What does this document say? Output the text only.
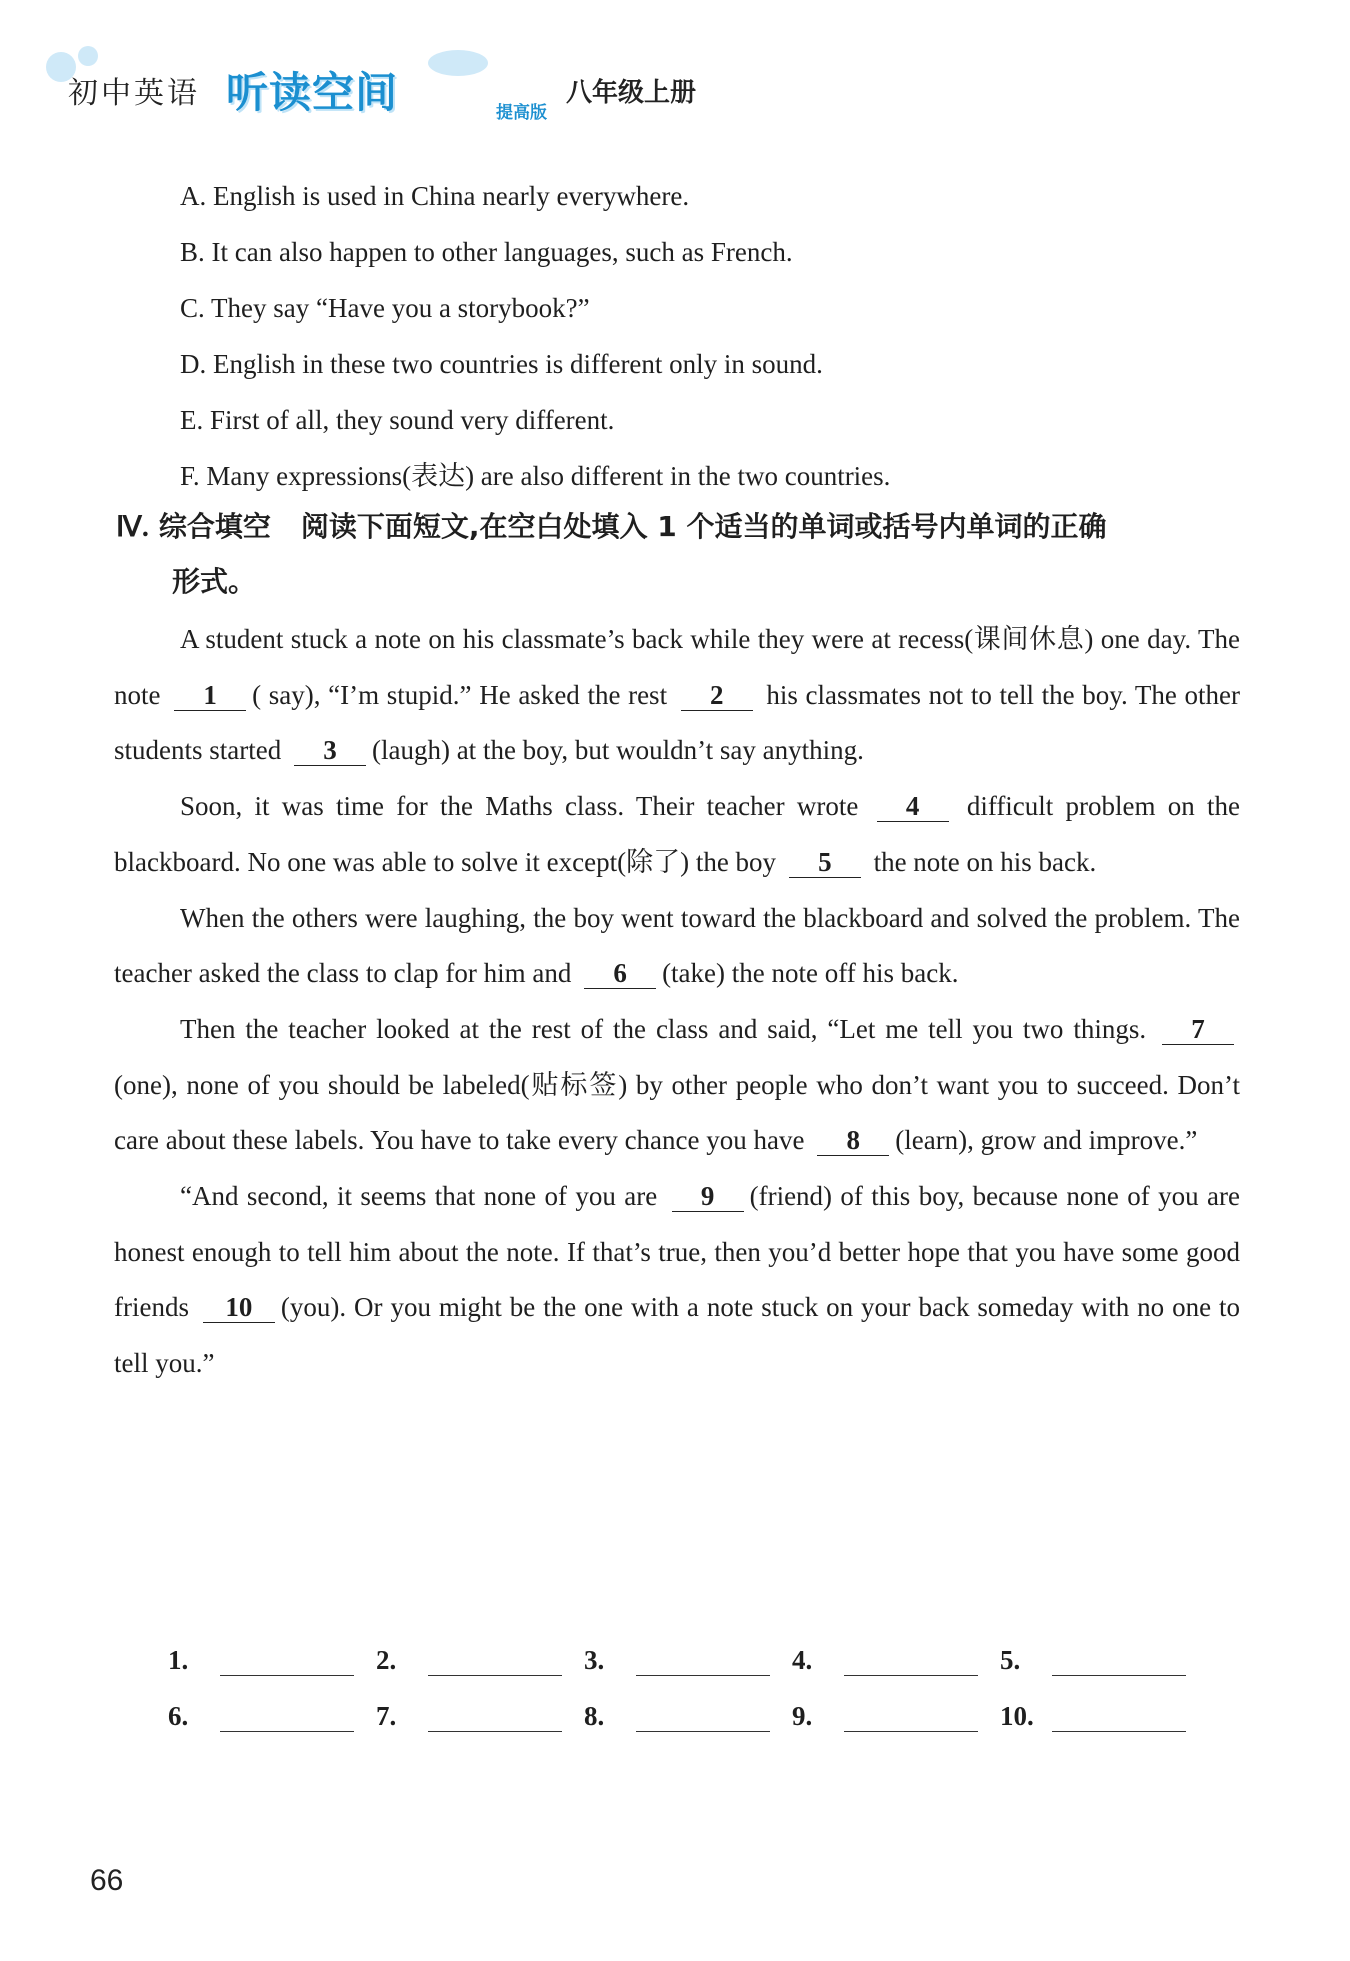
初中英语 听读空间	提高版
八年级上册
A. English is used in China nearly everywhere.
B. It can also happen to other languages, such as French.
C. They say “Have you a storybook?”
D. English in these two countries is different only in sound.
E. First of all, they sound very different.
F. Many expressions(表达) are also different in the two countries.
Ⅳ. 综合填空 阅读下面短文,在空白处填入 1 个适当的单词或括号内单词的正确
形式。

A student stuck a note on his classmate’s back while they were at recess(课间休息) one day. The note 1 ( say), “I’m stupid.” He asked the rest 2 his classmates not to tell the boy. The other students started 3 (laugh) at the boy, but wouldn’t say anything.

Soon, it was time for the Maths class. Their teacher wrote 4 difficult problem on the blackboard. No one was able to solve it except(除了) the boy 5 the note on his back.

When the others were laughing, the boy went toward the blackboard and solved the problem. The teacher asked the class to clap for him and 6 (take) the note off his back.

Then the teacher looked at the rest of the class and said, “Let me tell you two things. 7(one), none of you should be labeled(贴标签) by other people who don’t want you to succeed. Don’t care about these labels. You have to take every chance you have 8 (learn), grow and improve.”

“And second, it seems that none of you are 9 (friend) of this boy, because none of you are honest enough to tell him about the note. If that’s true, then you’d better hope that you have some good friends 10 (you). Or you might be the one with a note stuck on your back someday with no one to tell you.”

1.	2.	3.	4.	5.
6.	7.	8.	9.	10.
66
